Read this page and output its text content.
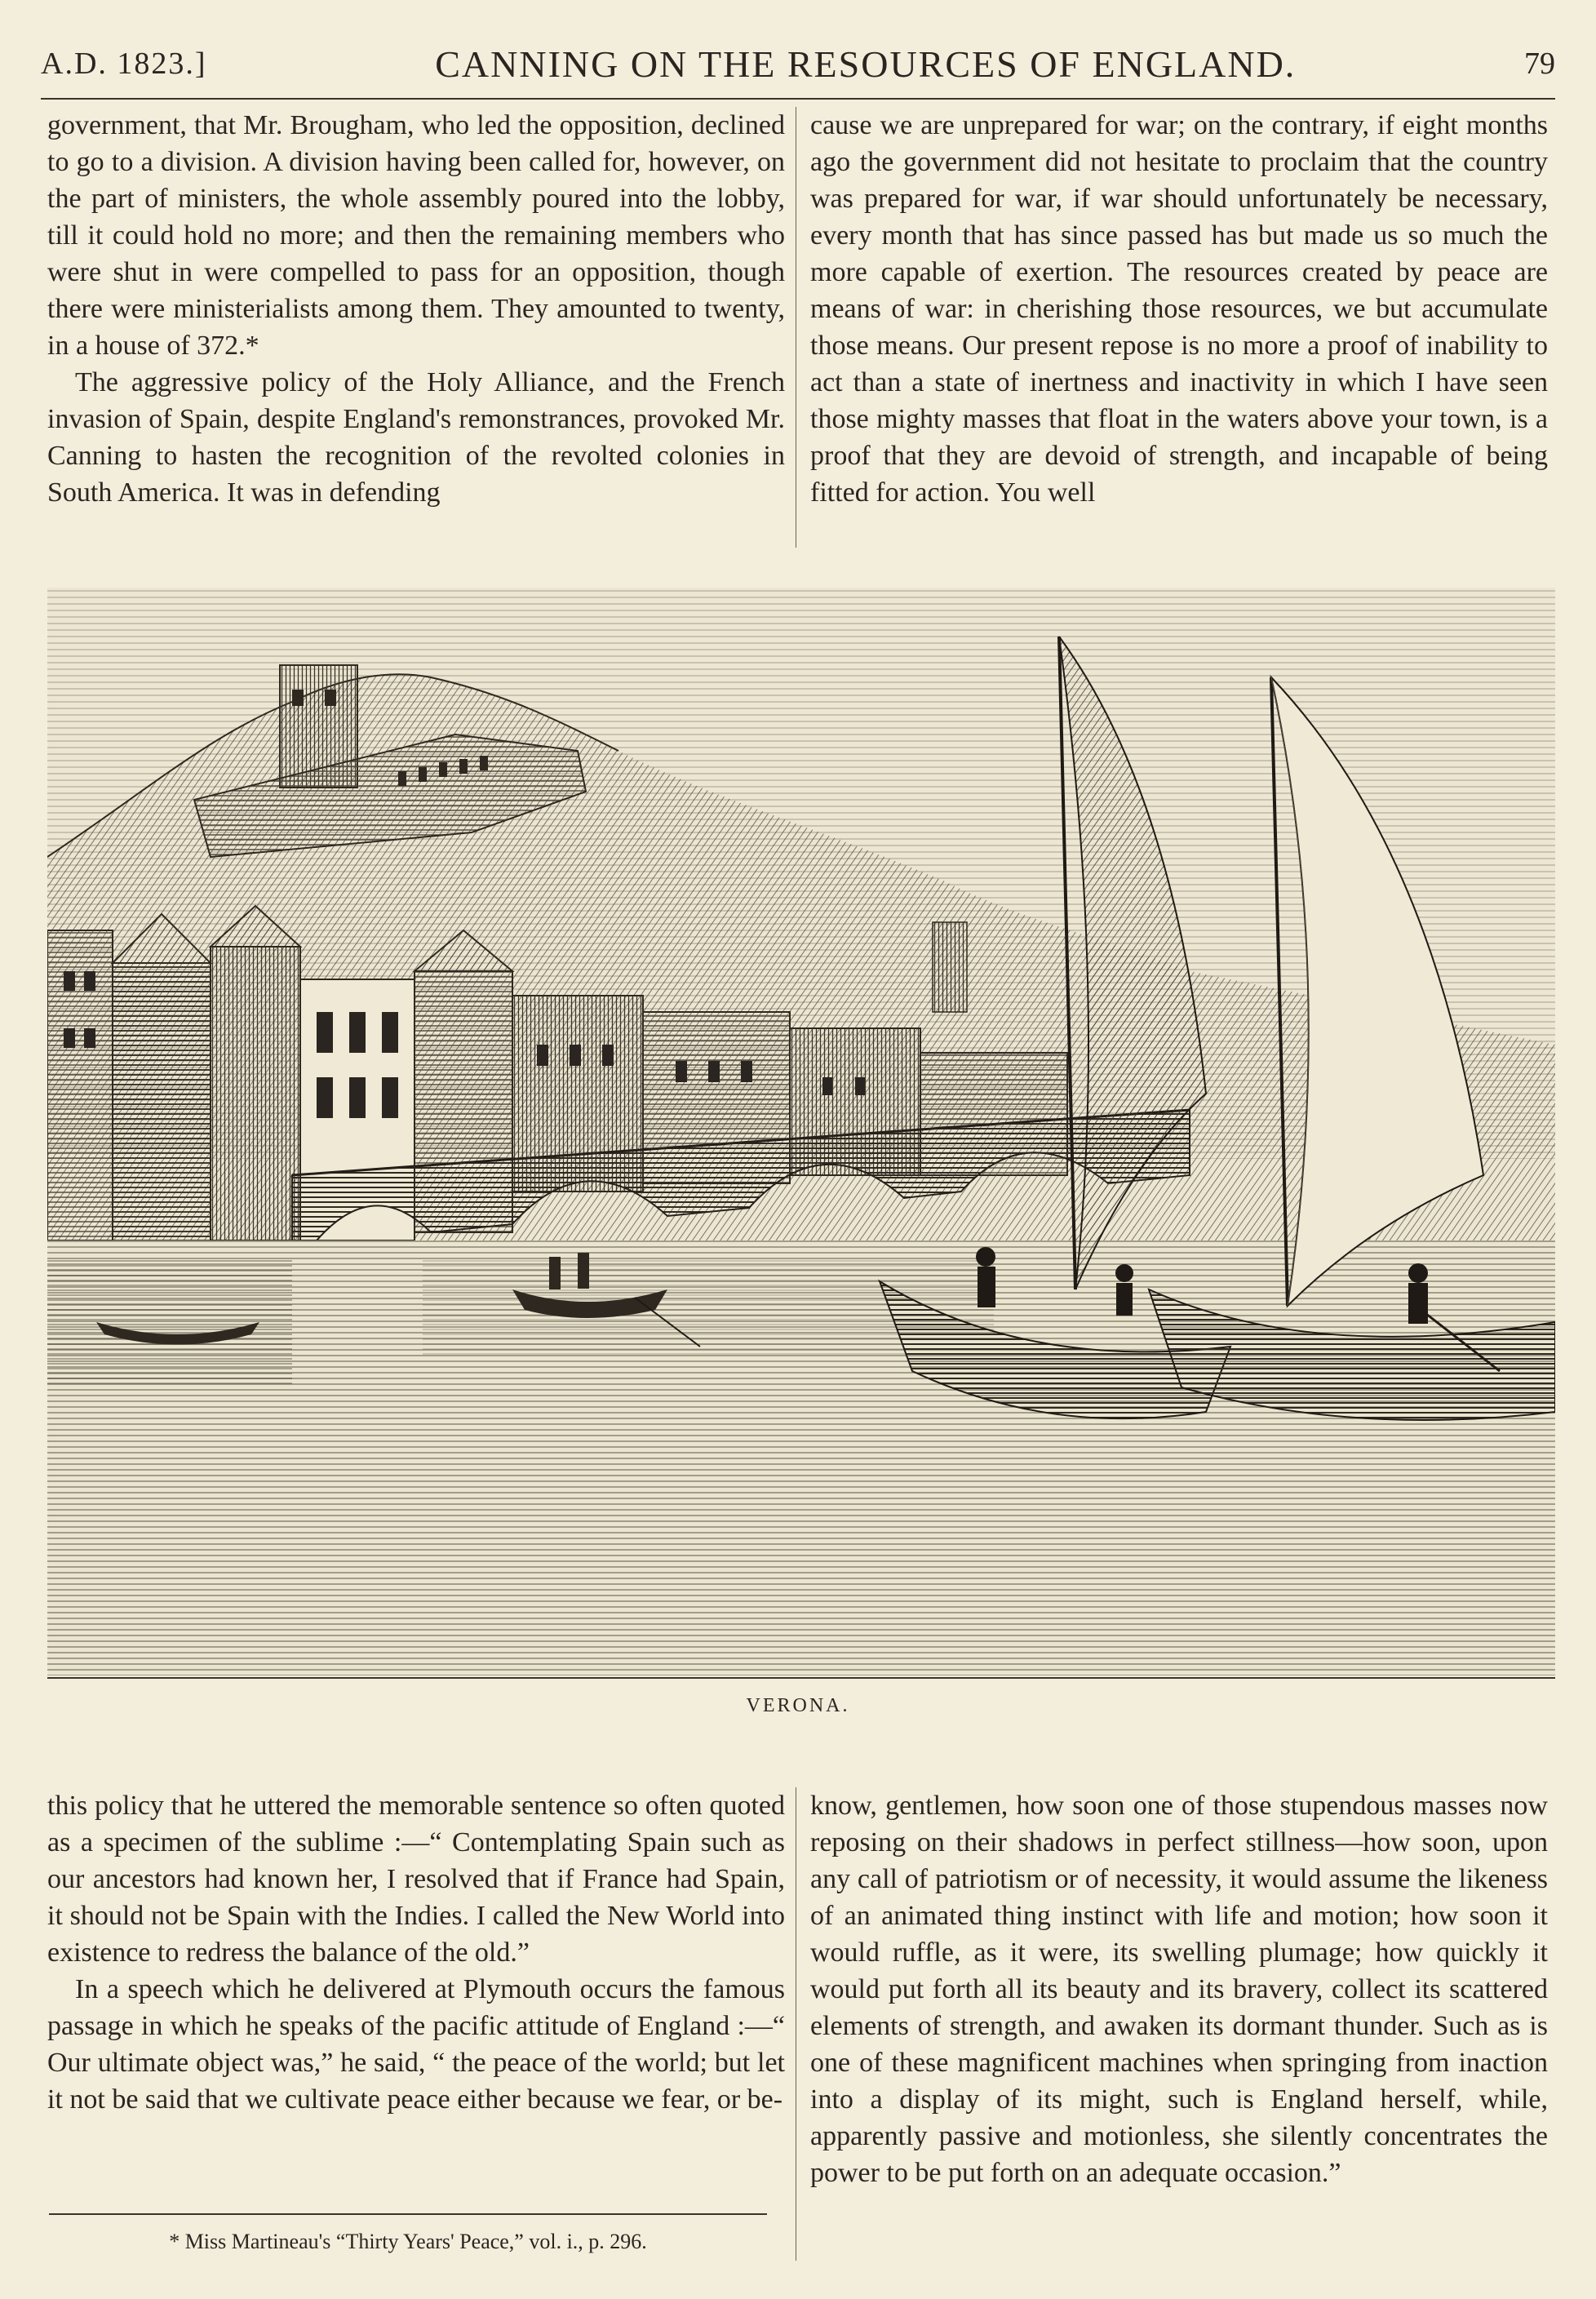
A.D. 1823.]	CANNING ON THE RESOURCES OF ENGLAND.	79

government, that Mr. Brougham, who led the opposition, declined to go to a division. A division having been called for, however, on the part of ministers, the whole assembly poured into the lobby, till it could hold no more; and then the remaining members who were shut in were compelled to pass for an opposition, though there were ministerialists among them. They amounted to twenty, in a house of 372.*

The aggressive policy of the Holy Alliance, and the French invasion of Spain, despite England's remonstrances, provoked Mr. Canning to hasten the recognition of the revolted colonies in South America. It was in defending

cause we are unprepared for war; on the contrary, if eight months ago the government did not hesitate to proclaim that the country was prepared for war, if war should unfortunately be necessary, every month that has since passed has but made us so much the more capable of exertion. The resources created by peace are means of war: in cherishing those resources, we but accumulate those means. Our present repose is no more a proof of inability to act than a state of inertness and inactivity in which I have seen those mighty masses that float in the waters above your town, is a proof that they are devoid of strength, and incapable of being fitted for action. You well

VERONA.

this policy that he uttered the memorable sentence so often quoted as a specimen of the sublime :—“ Contemplating Spain such as our ancestors had known her, I resolved that if France had Spain, it should not be Spain with the Indies. I called the New World into existence to redress the balance of the old.”

In a speech which he delivered at Plymouth occurs the famous passage in which he speaks of the pacific attitude of England :—“ Our ultimate object was,” he said, “ the peace of the world; but let it not be said that we cultivate peace either because we fear, or be-

know, gentlemen, how soon one of those stupendous masses now reposing on their shadows in perfect stillness—how soon, upon any call of patriotism or of necessity, it would assume the likeness of an animated thing instinct with life and motion; how soon it would ruffle, as it were, its swelling plumage; how quickly it would put forth all its beauty and its bravery, collect its scattered elements of strength, and awaken its dormant thunder. Such as is one of these magnificent machines when springing from inaction into a display of its might, such is England herself, while, apparently passive and motionless, she silently concentrates the power to be put forth on an adequate occasion.”

* Miss Martineau's “Thirty Years' Peace,” vol. i., p. 296.
